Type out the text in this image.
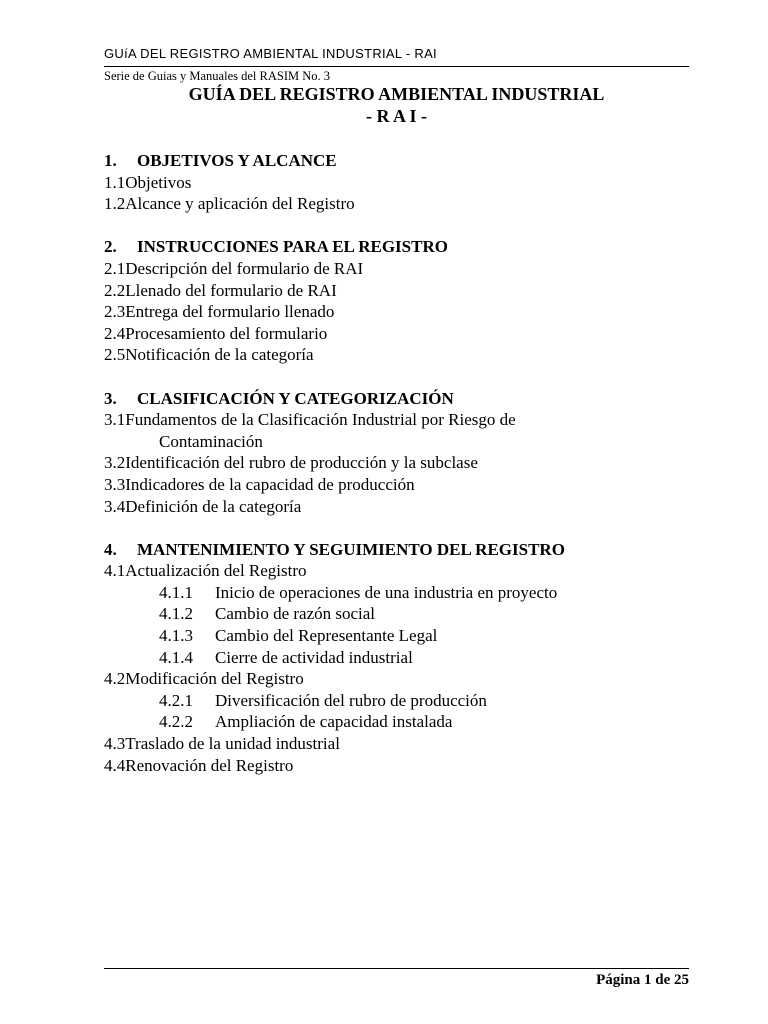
GUíA DEL REGISTRO AMBIENTAL INDUSTRIAL - RAI
Serie de Guias y Manuales del RASIM No. 3
GUÍA DEL REGISTRO AMBIENTAL INDUSTRIAL
- R A I -
1. OBJETIVOS Y ALCANCE
1.1Objetivos
1.2Alcance y aplicación del Registro
2. INSTRUCCIONES PARA EL REGISTRO
2.1Descripción del formulario de RAI
2.2Llenado del formulario de RAI
2.3Entrega del formulario llenado
2.4Procesamiento del formulario
2.5Notificación de la categoría
3. CLASIFICACIÓN Y CATEGORIZACIÓN
3.1Fundamentos de la Clasificación Industrial por Riesgo de
Contaminación
3.2Identificación del rubro de producción y la subclase
3.3Indicadores de la capacidad de producción
3.4Definición de la categoría
4. MANTENIMIENTO Y SEGUIMIENTO DEL REGISTRO
4.1Actualización del Registro
4.1.1 Inicio de operaciones de una industria en proyecto
4.1.2 Cambio de razón social
4.1.3 Cambio del Representante Legal
4.1.4 Cierre de actividad industrial
4.2Modificación del Registro
4.2.1 Diversificación del rubro de producción
4.2.2 Ampliación de capacidad instalada
4.3Traslado de la unidad industrial
4.4Renovación del Registro
Página 1 de 25
